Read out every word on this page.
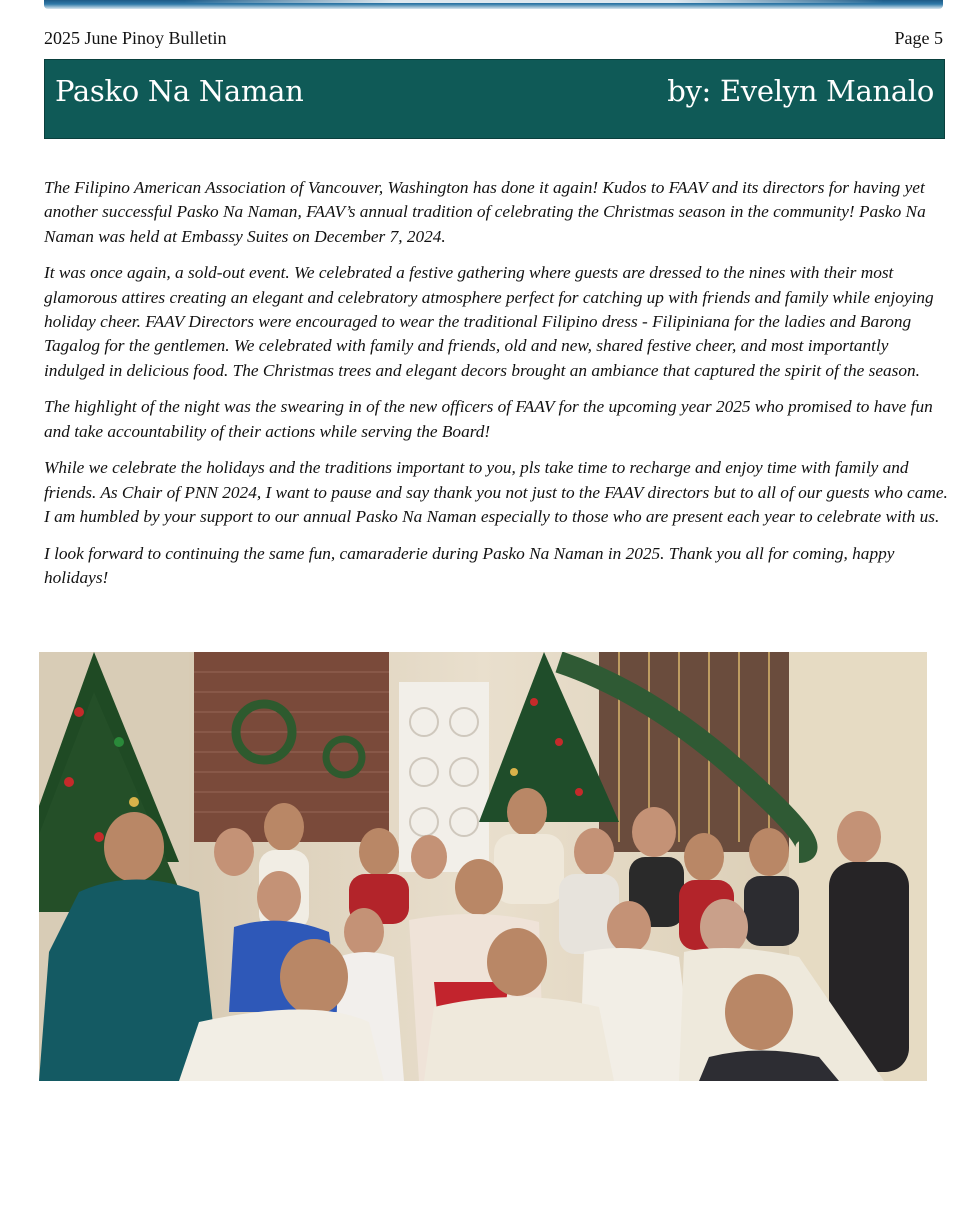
2025 June Pinoy Bulletin	Page 5
Pasko Na Naman	by: Evelyn Manalo

The Filipino American Association of Vancouver, Washington has done it again! Kudos to FAAV and its directors for having yet another successful Pasko Na Naman, FAAV’s annual tradition of celebrating the Christmas season in the community! Pasko Na Naman was held at Embassy Suites on December 7, 2024.

It was once again, a sold-out event. We celebrated a festive gathering where guests are dressed to the nines with their most glamorous attires creating an elegant and celebratory atmosphere perfect for catching up with friends and family while enjoying holiday cheer. FAAV Directors were encouraged to wear the traditional Filipino dress - Filipiniana for the ladies and Barong Tagalog for the gentlemen. We celebrated with family and friends, old and new, shared festive cheer, and most importantly indulged in delicious food. The Christmas trees and elegant decors brought an ambiance that captured the spirit of the season.

The highlight of the night was the swearing in of the new officers of FAAV for the upcoming year 2025 who promised to have fun and take accountability of their actions while serving the Board!

While we celebrate the holidays and the traditions important to you, pls take time to recharge and enjoy time with family and friends. As Chair of PNN 2024, I want to pause and say thank you not just to the FAAV directors but to all of our guests who came. I am humbled by your support to our annual Pasko Na Naman especially to those who are present each year to celebrate with us.

I look forward to continuing the same fun, camaraderie during Pasko Na Naman in 2025. Thank you all for coming, happy holidays!
